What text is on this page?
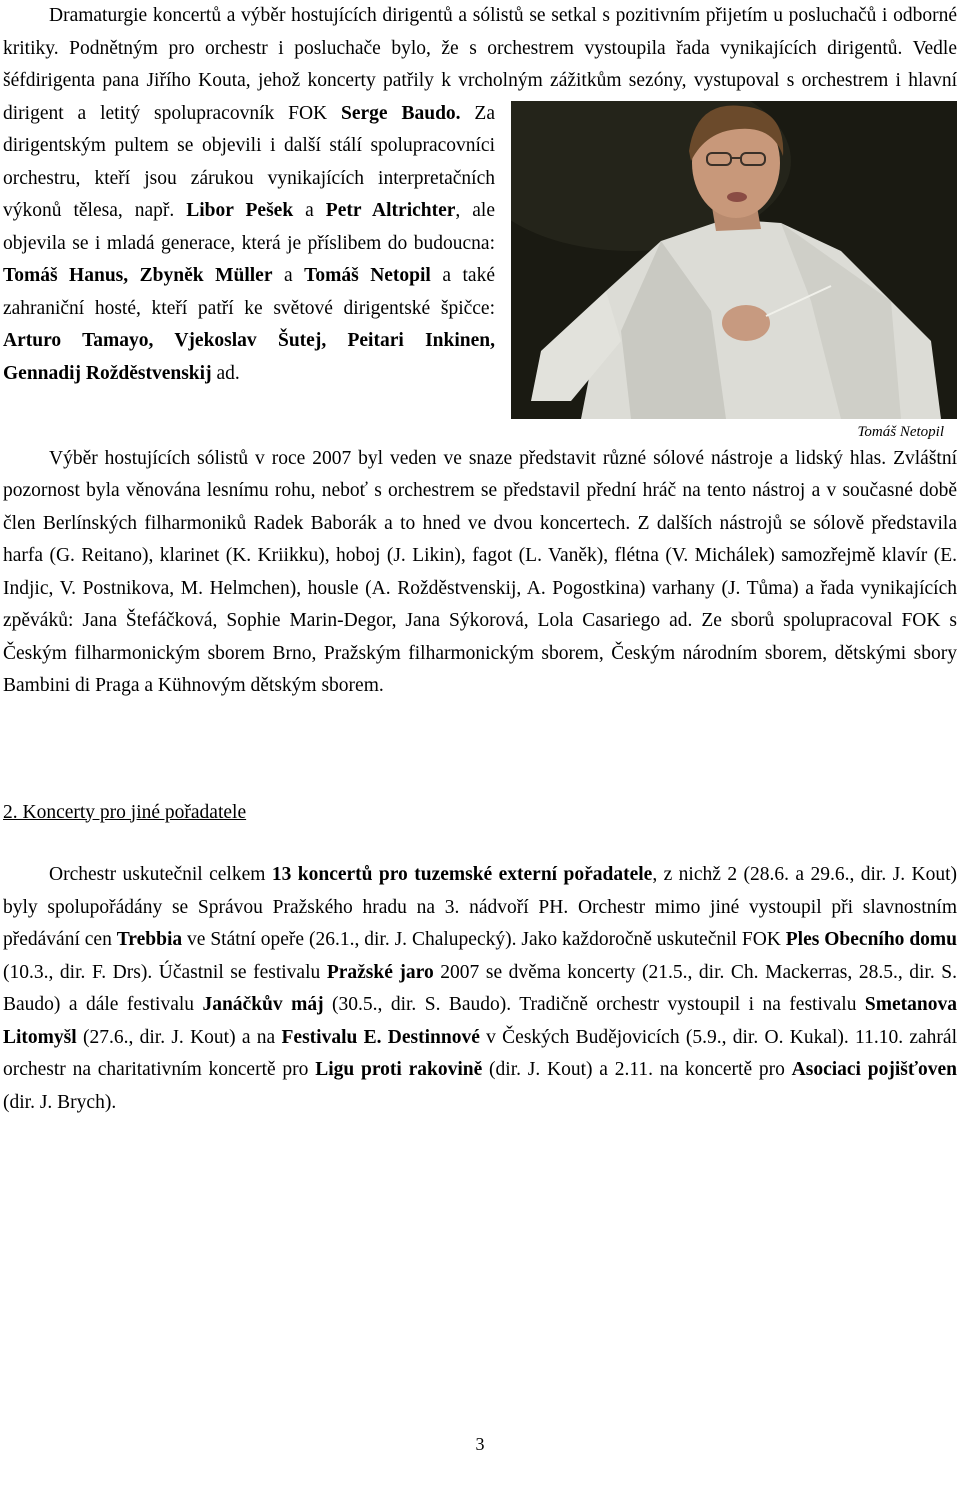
Dramaturgie koncertů a výběr hostujících dirigentů a sólistů se setkal s pozitivním přijetím u posluchačů i odborné kritiky. Podnětným pro orchestr i posluchače bylo, že s orchestrem vystoupila řada vynikajících dirigentů. Vedle šéfdirigenta pana Jiřího Kouta, jehož koncerty patřily k vrcholným zážitkům sezóny, vystupoval s orchestrem i hlavní dirigent a letitý spolupracovník FOK Serge Baudo.
Tomáš Netopil
Za dirigentským pultem se objevili i další stálí spolupracovníci orchestru, kteří jsou zárukou vynikajících interpretačních výkonů tělesa, např. Libor Pešek a Petr Altrichter, ale objevila se i mladá generace, která je příslibem do budoucna: Tomáš Hanus, Zbyněk Müller a Tomáš Netopil a také zahraniční hosté, kteří patří ke světové dirigentské špičce: Arturo Tamayo, Vjekoslav Šutej, Peitari Inkinen, Gennadij Rožděstvenskij ad.

Výběr hostujících sólistů v roce 2007 byl veden ve snaze představit různé sólové nástroje a lidský hlas. Zvláštní pozornost byla věnována lesnímu rohu, neboť s orchestrem se představil přední hráč na tento nástroj a v současné době člen Berlínských filharmoniků Radek Baborák a to hned ve dvou koncertech. Z dalších nástrojů se sólově představila harfa (G. Reitano), klarinet (K. Kriikku), hoboj (J. Likin), fagot (L. Vaněk), flétna (V. Michálek) samozřejmě klavír (E. Indjic, V. Postnikova, M. Helmchen), housle (A. Rožděstvenskij, A. Pogostkina) varhany (J. Tůma) a řada vynikajících zpěváků: Jana Štefáčková, Sophie Marin-Degor, Jana Sýkorová, Lola Casariego ad. Ze sborů spolupracoval FOK s Českým filharmonickým sborem Brno, Pražským filharmonickým sborem, Českým národním sborem, dětskými sbory Bambini di Praga a Kühnovým dětským sborem.

2. Koncerty pro jiné pořadatele

Orchestr uskutečnil celkem 13 koncertů pro tuzemské externí pořadatele, z nichž 2 (28.6. a 29.6., dir. J. Kout) byly spolupořádány se Správou Pražského hradu na 3. nádvoří PH. Orchestr mimo jiné vystoupil při slavnostním předávání cen Trebbia ve Státní opeře (26.1., dir. J. Chalupecký). Jako každoročně uskutečnil FOK Ples Obecního domu (10.3., dir. F. Drs). Účastnil se festivalu Pražské jaro 2007 se dvěma koncerty (21.5., dir. Ch. Mackerras, 28.5., dir. S. Baudo) a dále festivalu Janáčkův máj (30.5., dir. S. Baudo). Tradičně orchestr vystoupil i na festivalu Smetanova Litomyšl (27.6., dir. J. Kout) a na Festivalu E. Destinnové v Českých Budějovicích (5.9., dir. O. Kukal). 11.10. zahrál orchestr na charitativním koncertě pro Ligu proti rakovině (dir. J. Kout) a 2.11. na koncertě pro Asociaci pojišťoven (dir. J. Brych).

3
